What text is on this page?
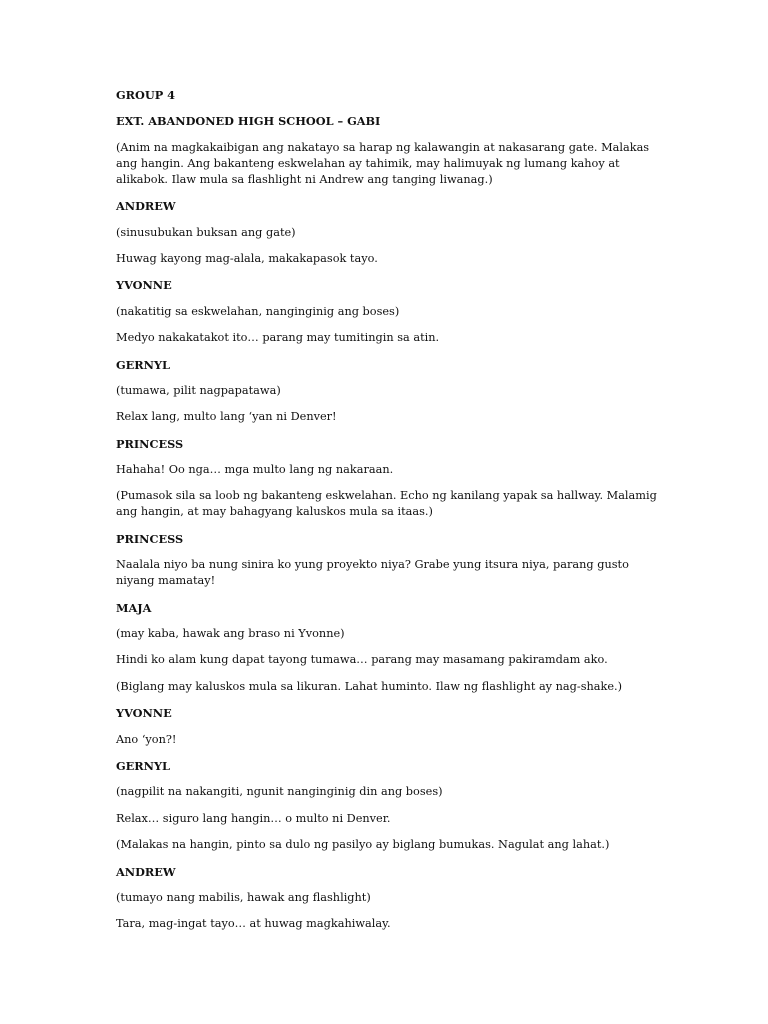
GROUP 4

EXT. ABANDONED HIGH SCHOOL – GABI

(Anim na magkakaibigan ang nakatayo sa harap ng kalawangin at nakasarang gate. Malakas ang hangin. Ang bakanteng eskwelahan ay tahimik, may halimuyak ng lumang kahoy at alikabok. Ilaw mula sa flashlight ni Andrew ang tanging liwanag.)

ANDREW

(sinusubukan buksan ang gate)

Huwag kayong mag-alala, makakapasok tayo.

YVONNE

(nakatitig sa eskwelahan, nanginginig ang boses)

Medyo nakakatakot ito… parang may tumitingin sa atin.

GERNYL

(tumawa, pilit nagpapatawa)

Relax lang, multo lang ‘yan ni Denver!

PRINCESS

Hahaha! Oo nga… mga multo lang ng nakaraan.

(Pumasok sila sa loob ng bakanteng eskwelahan. Echo ng kanilang yapak sa hallway. Malamig ang hangin, at may bahagyang kaluskos mula sa itaas.)

PRINCESS

Naalala niyo ba nung sinira ko yung proyekto niya? Grabe yung itsura niya, parang gusto niyang mamatay!

MAJA

(may kaba, hawak ang braso ni Yvonne)

Hindi ko alam kung dapat tayong tumawa… parang may masamang pakiramdam ako.

(Biglang may kaluskos mula sa likuran. Lahat huminto. Ilaw ng flashlight ay nag-shake.)

YVONNE

Ano ‘yon?!

GERNYL

(nagpilit na nakangiti, ngunit nanginginig din ang boses)

Relax… siguro lang hangin… o multo ni Denver.

(Malakas na hangin, pinto sa dulo ng pasilyo ay biglang bumukas. Nagulat ang lahat.)

ANDREW

(tumayo nang mabilis, hawak ang flashlight)

Tara, mag-ingat tayo… at huwag magkahiwalay.
